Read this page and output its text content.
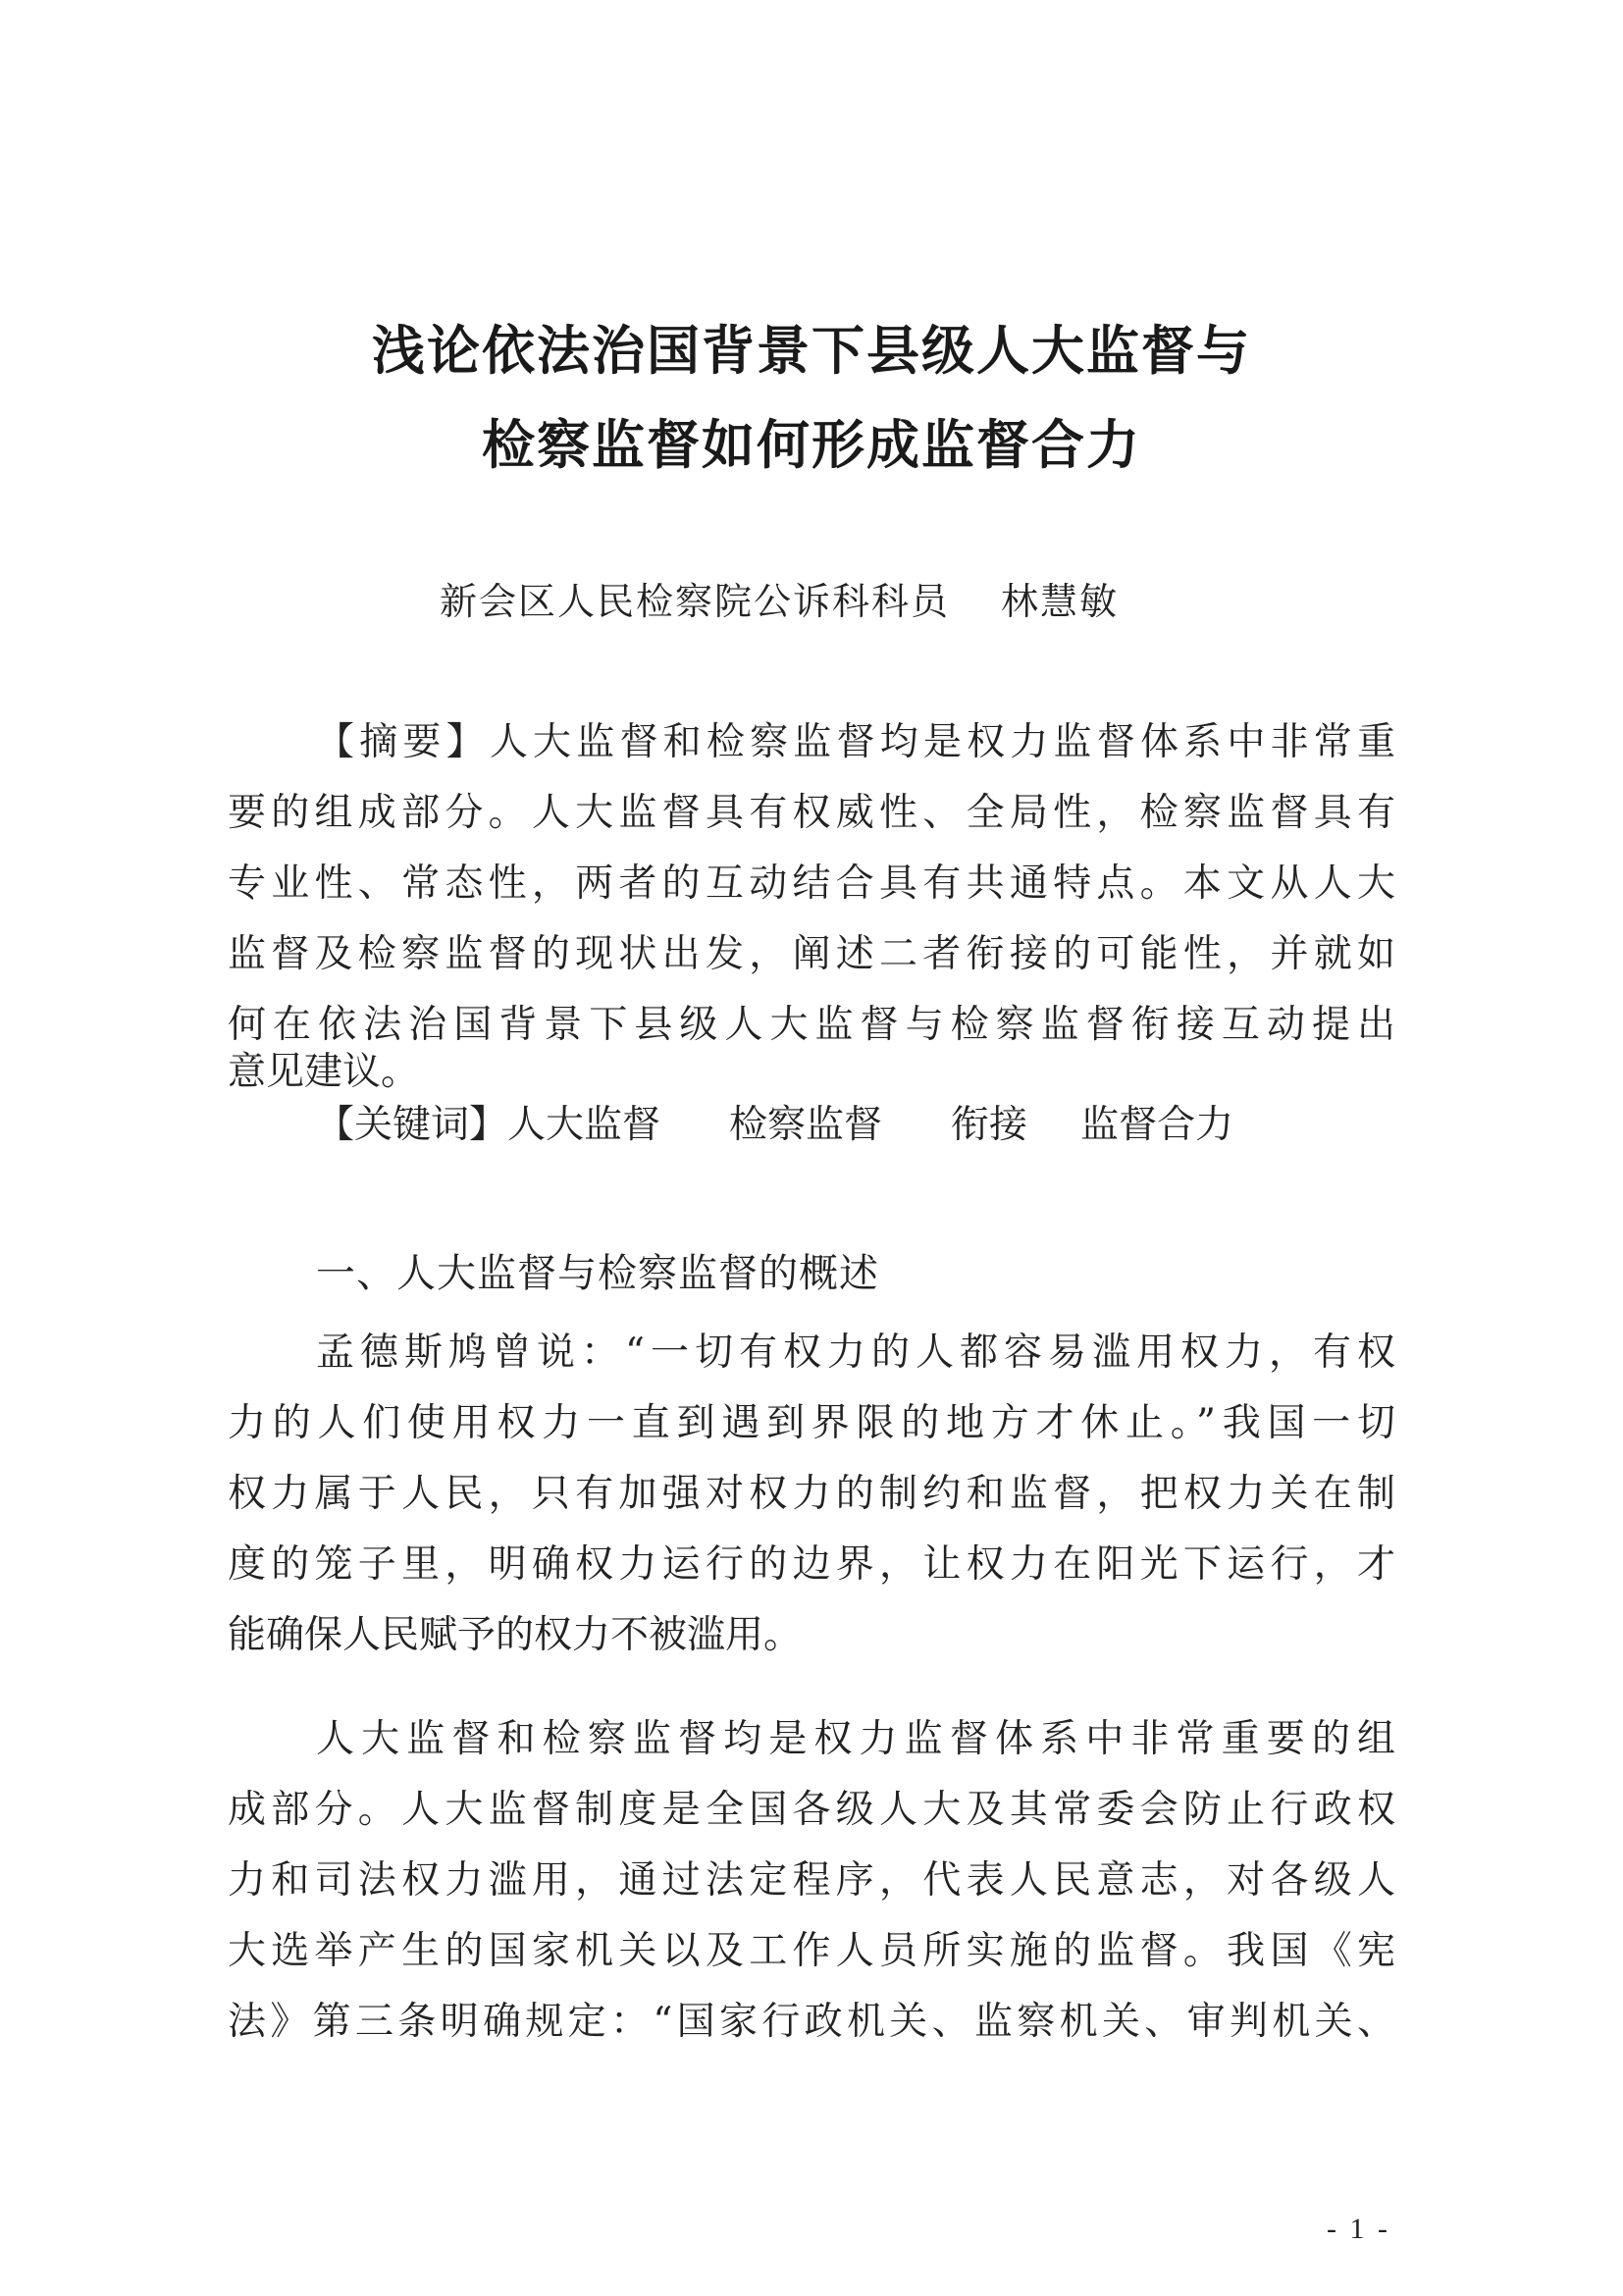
浅论依法治国背景下县级人大监督与
检察监督如何形成监督合力
新会区人民检察院公诉科科员 林慧敏
【摘要】人大监督和检察监督均是权力监督体系中非常重
要的组成部分。人大监督具有权威性、全局性，检察监督具有
专业性、常态性，两者的互动结合具有共通特点。本文从人大
监督及检察监督的现状出发，阐述二者衔接的可能性，并就如
何在依法治国背景下县级人大监督与检察监督衔接互动提出
意见建议。
【关键词】人大监督 检察监督 衔接 监督合力
一、人大监督与检察监督的概述
孟德斯鸠曾说：“一切有权力的人都容易滥用权力，有权
力的人们使用权力一直到遇到界限的地方才休止。”我国一切
权力属于人民，只有加强对权力的制约和监督，把权力关在制
度的笼子里，明确权力运行的边界，让权力在阳光下运行，才
能确保人民赋予的权力不被滥用。
人大监督和检察监督均是权力监督体系中非常重要的组
成部分。人大监督制度是全国各级人大及其常委会防止行政权
力和司法权力滥用，通过法定程序，代表人民意志，对各级人
大选举产生的国家机关以及工作人员所实施的监督。我国《宪
法》第三条明确规定：“国家行政机关、监察机关、审判机关、
- 1 -
